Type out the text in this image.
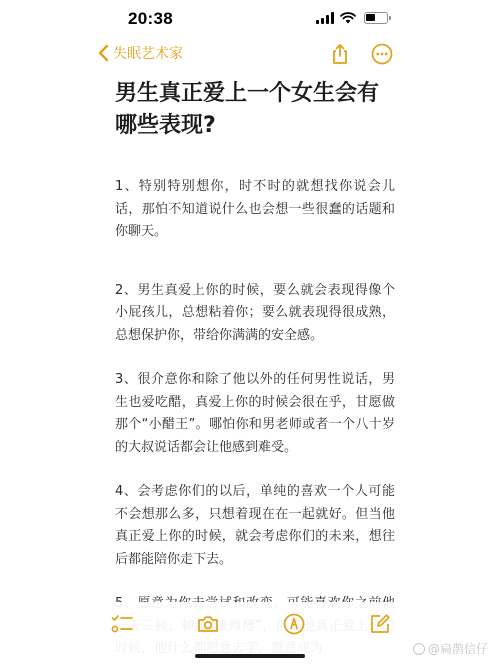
20:38
失眠艺术家
男生真正爱上一个女生会有哪些表现?

1、特别特别想你，时不时的就想找你说会儿话，那怕不知道说什么也会想一些很蠢的话题和你聊天。

2、男生真爱上你的时候，要么就会表现得像个小屁孩儿，总想粘着你；要么就表现得很成熟，总想保护你，带给你满满的安全感。

3、很介意你和除了他以外的任何男性说话，男生也爱吃醋，真爱上你的时候会很在乎，甘愿做那个“小醋王”。哪怕你和男老师或者一个八十岁的大叔说话都会让他感到难受。

4、会考虑你们的以后，单纯的喜欢一个人可能不会想那么多，只想着现在在一起就好。但当他真正爱上你的时候，就会考虑你们的未来，想往后都能陪你走下去。

@扁鹊信仔
